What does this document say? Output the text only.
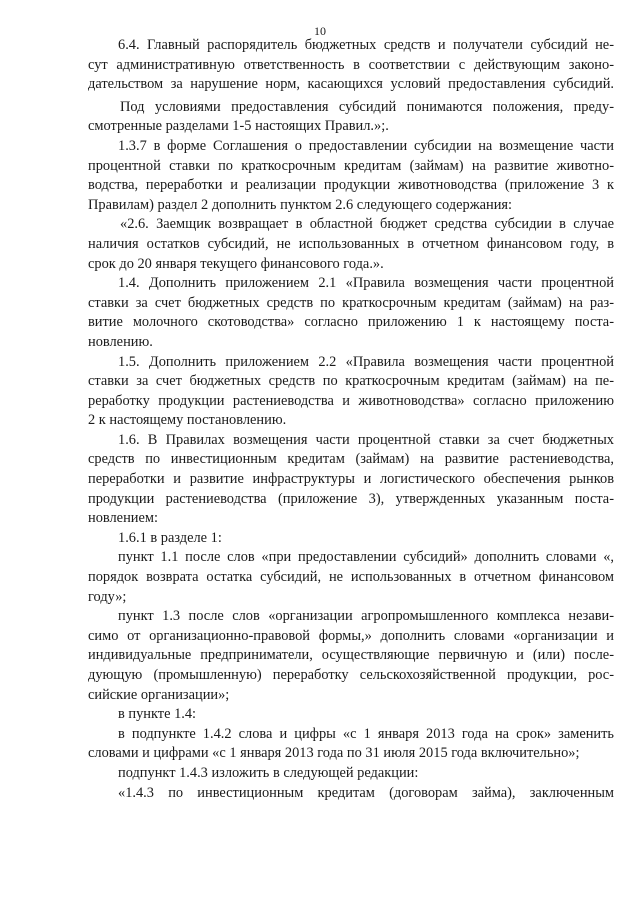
10
6.4. Главный распорядитель бюджетных средств и получатели субсидий не-
сут административную ответственность в соответствии с действующим законо-
дательством за нарушение норм, касающихся условий предоставления субсидий.
Под условиями предоставления субсидий понимаются положения, преду-
смотренные разделами 1-5 настоящих Правил.»;.
1.3.7 в форме Соглашения о предоставлении субсидии на возмещение части
процентной ставки по краткосрочным кредитам (займам) на развитие животно-
водства, переработки и реализации продукции животноводства (приложение 3 к
Правилам) раздел 2 дополнить пунктом 2.6 следующего содержания:
«2.6. Заемщик возвращает в областной бюджет средства субсидии в случае
наличия остатков субсидий, не использованных в отчетном финансовом году, в
срок до 20 января текущего финансового года.».
1.4. Дополнить приложением 2.1 «Правила возмещения части процентной
ставки за счет бюджетных средств по краткосрочным кредитам (займам) на раз-
витие молочного скотоводства» согласно приложению 1 к настоящему поста-
новлению.
1.5. Дополнить приложением 2.2 «Правила возмещения части процентной
ставки за счет бюджетных средств по краткосрочным кредитам (займам) на пе-
реработку продукции растениеводства и животноводства» согласно приложению
2 к настоящему постановлению.
1.6. В Правилах возмещения части процентной ставки за счет бюджетных
средств по инвестиционным кредитам (займам) на развитие растениеводства,
переработки и развитие инфраструктуры и логистического обеспечения рынков
продукции растениеводства (приложение 3), утвержденных указанным поста-
новлением:
1.6.1 в разделе 1:
пункт 1.1 после слов «при предоставлении субсидий» дополнить словами «,
порядок возврата остатка субсидий, не использованных в отчетном финансовом
году»;
пункт 1.3 после слов «организации агропромышленного комплекса незави-
симо от организационно-правовой формы,» дополнить словами «организации и
индивидуальные предприниматели, осуществляющие первичную и (или) после-
дующую (промышленную) переработку сельскохозяйственной продукции, рос-
сийские организации»;
в пункте 1.4:
в подпункте 1.4.2 слова и цифры «с 1 января 2013 года на срок» заменить
словами и цифрами «с 1 января 2013 года по 31 июля 2015 года включительно»;
подпункт 1.4.3 изложить в следующей редакции:
«1.4.3 по инвестиционным кредитам (договорам займа), заключенным
